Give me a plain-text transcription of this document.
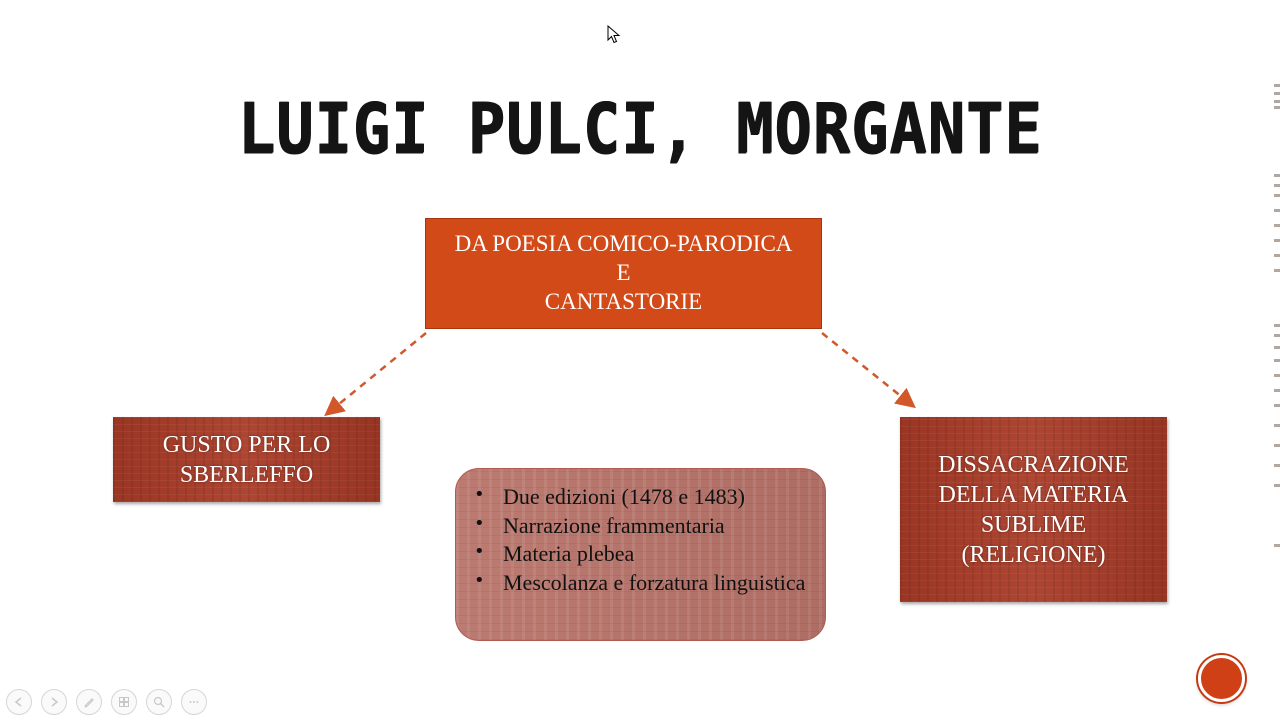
LUIGI PULCI, MORGANTE
DA POESIA COMICO-PARODICA
E
CANTASTORIE
GUSTO PER LO
SBERLEFFO	DISSACRAZIONE
DELLA MATERIA
SUBLIME
(RELIGIONE)
• Due edizioni (1478 e 1483)
• Narrazione frammentaria
• Materia plebea
• Mescolanza e forzatura linguistica
